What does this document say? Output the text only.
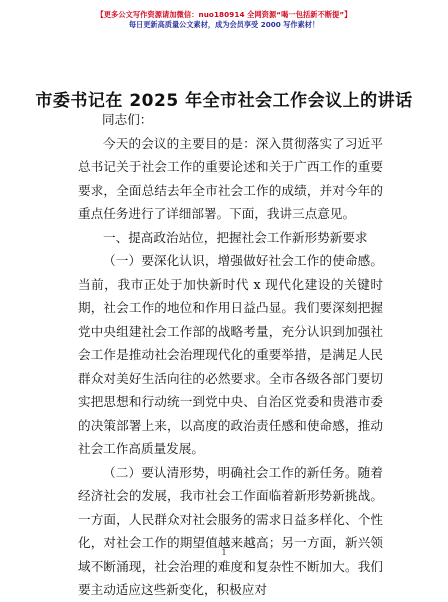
【更多公文写作资源请加微信：nuo180914 全网资源“喝一包括新不断提”】
每日更新高质量公文素材，成为会员享受 2000 写作素材！
市委书记在 2025 年全市社会工作会议上的讲话

同志们：

今天的会议的主要目的是：深入贯彻落实了习近平总书记关于社会工作的重要论述和关于广西工作的重要要求，全面总结去年全市社会工作的成绩，并对今年的重点任务进行了详细部署。下面，我讲三点意见。

一、提高政治站位，把握社会工作新形势新要求

（一）要深化认识，增强做好社会工作的使命感。当前，我市正处于加快新时代 x 现代化建设的关键时期，社会工作的地位和作用日益凸显。我们要深刻把握党中央组建社会工作部的战略考量，充分认识到加强社会工作是推动社会治理现代化的重要举措，是满足人民群众对美好生活向往的必然要求。全市各级各部门要切实把思想和行动统一到党中央、自治区党委和贵港市委的决策部署上来，以高度的政治责任感和使命感，推动社会工作高质量发展。

（二）要认清形势，明确社会工作的新任务。随着经济社会的发展，我市社会工作面临着新形势新挑战。一方面，人民群众对社会服务的需求日益多样化、个性化，对社会工作的期望值越来越高；另一方面，新兴领域不断涌现，社会治理的难度和复杂性不断加大。我们要主动适应这些新变化，积极应对

1
